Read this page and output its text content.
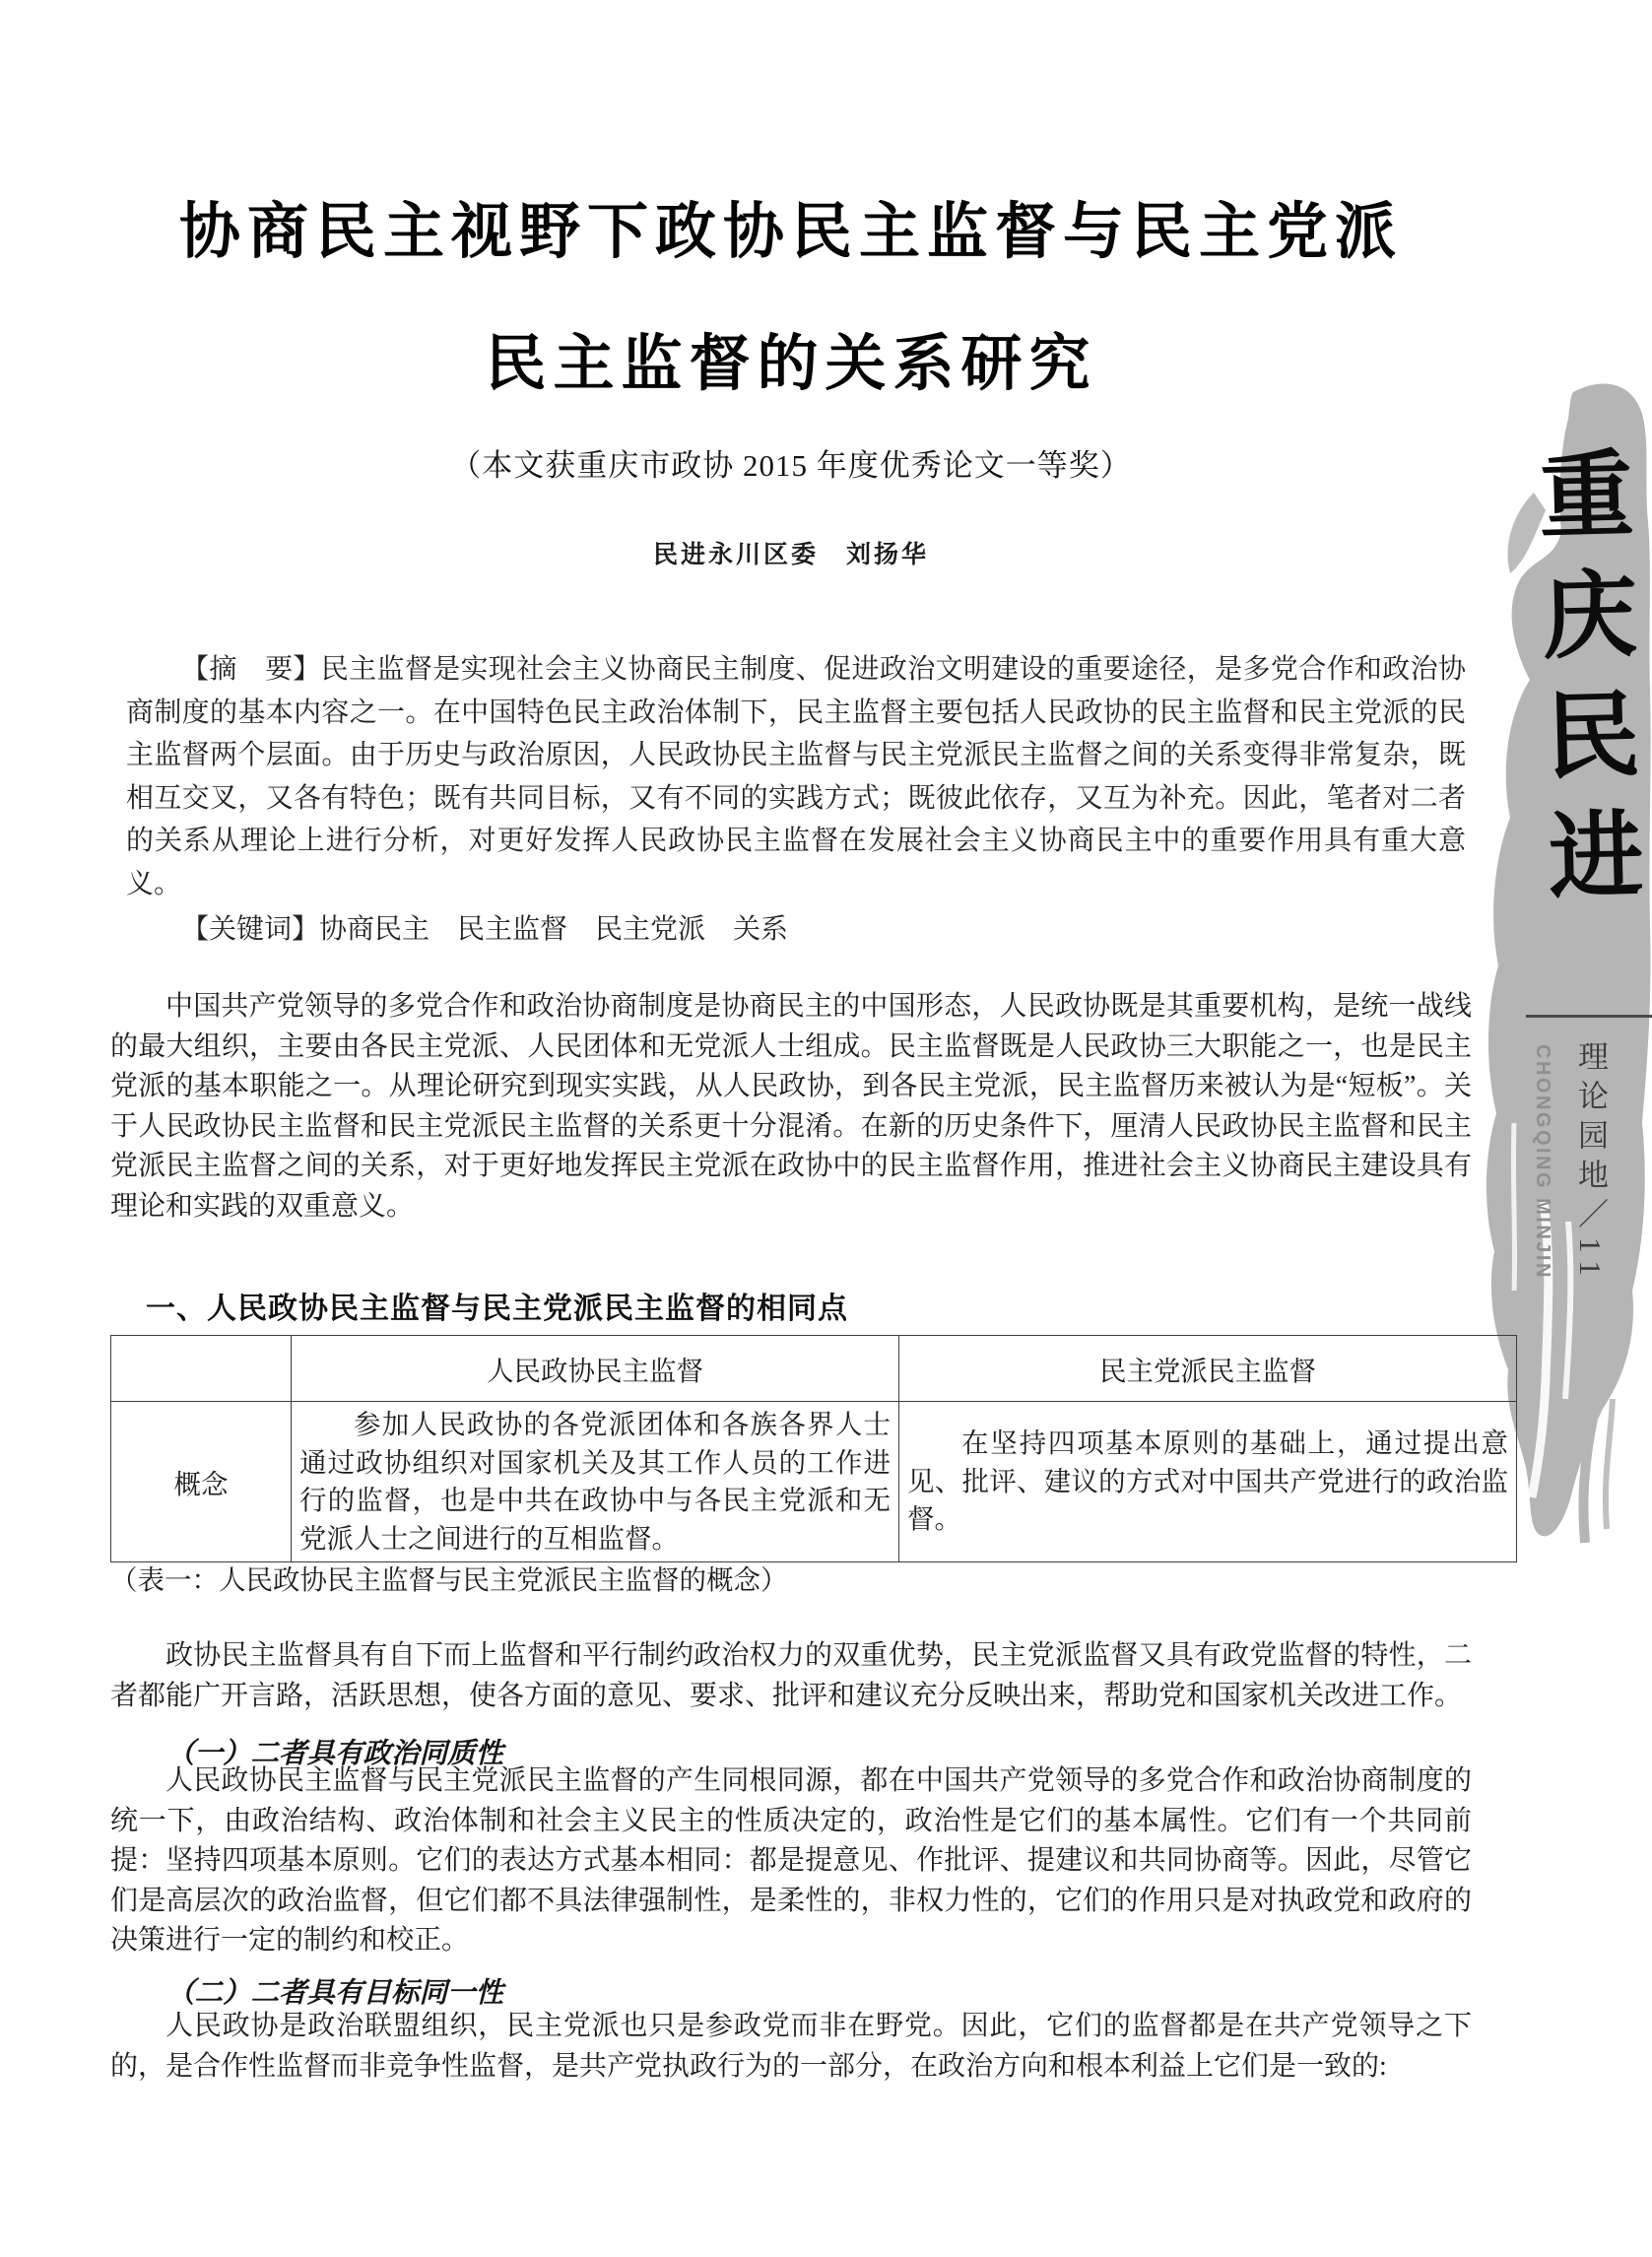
重庆民进
理论园地／11
CHONGQING MINJIN
协商民主视野下政协民主监督与民主党派
民主监督的关系研究
（本文获重庆市政协 2015 年度优秀论文一等奖）
民进永川区委　刘扬华

【摘　要】民主监督是实现社会主义协商民主制度、促进政治文明建设的重要途径，是多党合作和政治协商制度的基本内容之一。在中国特色民主政治体制下，民主监督主要包括人民政协的民主监督和民主党派的民主监督两个层面。由于历史与政治原因，人民政协民主监督与民主党派民主监督之间的关系变得非常复杂，既相互交叉，又各有特色；既有共同目标，又有不同的实践方式；既彼此依存，又互为补充。因此，笔者对二者的关系从理论上进行分析，对更好发挥人民政协民主监督在发展社会主义协商民主中的重要作用具有重大意义。

【关键词】协商民主　民主监督　民主党派　关系

中国共产党领导的多党合作和政治协商制度是协商民主的中国形态，人民政协既是其重要机构，是统一战线的最大组织，主要由各民主党派、人民团体和无党派人士组成。民主监督既是人民政协三大职能之一，也是民主党派的基本职能之一。从理论研究到现实实践，从人民政协，到各民主党派，民主监督历来被认为是“短板”。关于人民政协民主监督和民主党派民主监督的关系更十分混淆。在新的历史条件下，厘清人民政协民主监督和民主党派民主监督之间的关系，对于更好地发挥民主党派在政协中的民主监督作用，推进社会主义协商民主建设具有理论和实践的双重意义。

一、人民政协民主监督与民主党派民主监督的相同点
	人民政协民主监督	民主党派民主监督
概念	参加人民政协的各党派团体和各族各界人士通过政协组织对国家机关及其工作人员的工作进行的监督，也是中共在政协中与各民主党派和无党派人士之间进行的互相监督。	在坚持四项基本原则的基础上，通过提出意见、批评、建议的方式对中国共产党进行的政治监督。

（表一：人民政协民主监督与民主党派民主监督的概念）

政协民主监督具有自下而上监督和平行制约政治权力的双重优势，民主党派监督又具有政党监督的特性，二者都能广开言路，活跃思想，使各方面的意见、要求、批评和建议充分反映出来，帮助党和国家机关改进工作。

（一）二者具有政治同质性

人民政协民主监督与民主党派民主监督的产生同根同源，都在中国共产党领导的多党合作和政治协商制度的统一下，由政治结构、政治体制和社会主义民主的性质决定的，政治性是它们的基本属性。它们有一个共同前提：坚持四项基本原则。它们的表达方式基本相同：都是提意见、作批评、提建议和共同协商等。因此，尽管它们是高层次的政治监督，但它们都不具法律强制性，是柔性的，非权力性的，它们的作用只是对执政党和政府的决策进行一定的制约和校正。

（二）二者具有目标同一性

人民政协是政治联盟组织，民主党派也只是参政党而非在野党。因此，它们的监督都是在共产党领导之下的，是合作性监督而非竞争性监督，是共产党执政行为的一部分，在政治方向和根本利益上它们是一致的:
